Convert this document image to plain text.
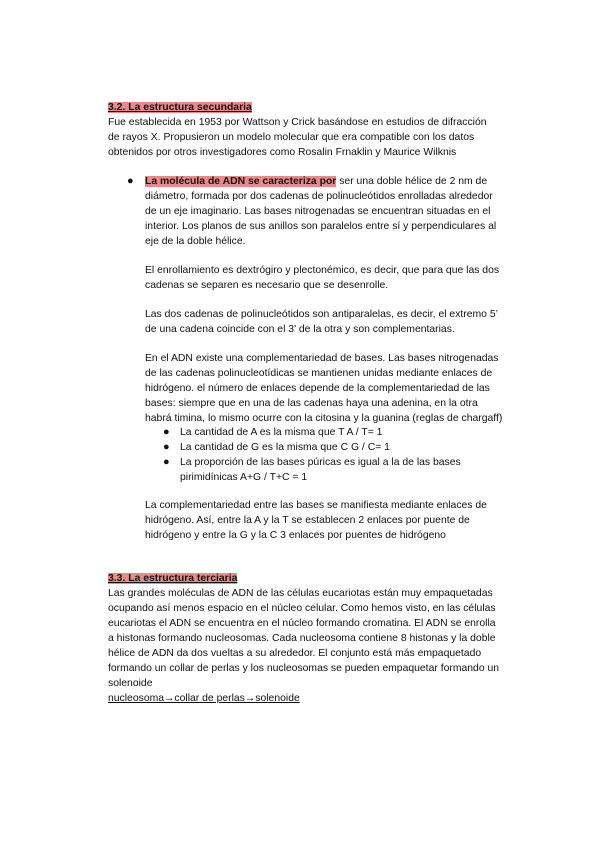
3.2. La estructura secundaria
Fue establecida en 1953 por Wattson y Crick basándose en estudios de difracción
de rayos X. Propusieron un modelo molecular que era compatible con los datos
obtenidos por otros investigadores como Rosalin Frnaklin y Maurice Wilknis
● La molécula de ADN se caracteriza por ser una doble hélice de 2 nm de
diámetro, formada por dos cadenas de polinucleótidos enrolladas alrededor
de un eje imaginario. Las bases nitrogenadas se encuentran situadas en el
interior. Los planos de sus anillos son paralelos entre sí y perpendiculares al
eje de la doble hélice.
El enrollamiento es dextrógiro y plectonémico, es decir, que para que las dos
cadenas se separen es necesario que se desenrolle.
Las dos cadenas de polinucleótidos son antiparalelas, es decir, el extremo 5’
de una cadena coincide con el 3’ de la otra y son complementarias.
En el ADN existe una complementariedad de bases. Las bases nitrogenadas
de las cadenas polinucleotídicas se mantienen unidas mediante enlaces de
hidrógeno. el número de enlaces depende de la complementariedad de las
bases: siempre que en una de las cadenas haya una adenina, en la otra
habrá timina, lo mismo ocurre con la citosina y la guanina (reglas de chargaff)
● La cantidad de A es la misma que T A / T= 1
● La cantidad de G es la misma que C G / C= 1
● La proporción de las bases púricas es igual a la de las bases
pirimidínicas A+G / T+C = 1
La complementariedad entre las bases se manifiesta mediante enlaces de
hidrógeno. Así, entre la A y la T se establecen 2 enlaces por puente de
hidrógeno y entre la G y la C 3 enlaces por puentes de hidrógeno
3.3. La estructura terciaria
Las grandes moléculas de ADN de las células eucariotas están muy empaquetadas
ocupando así menos espacio en el núcleo celular. Como hemos visto, en las células
eucariotas el ADN se encuentra en el núcleo formando cromatina. El ADN se enrolla
a histonas formando nucleosomas. Cada nucleosoma contiene 8 histonas y la doble
hélice de ADN da dos vueltas a su alrededor. El conjunto está más empaquetado
formando un collar de perlas y los nucleosomas se pueden empaquetar formando un
solenoide
nucleosoma→collar de perlas→solenoide
